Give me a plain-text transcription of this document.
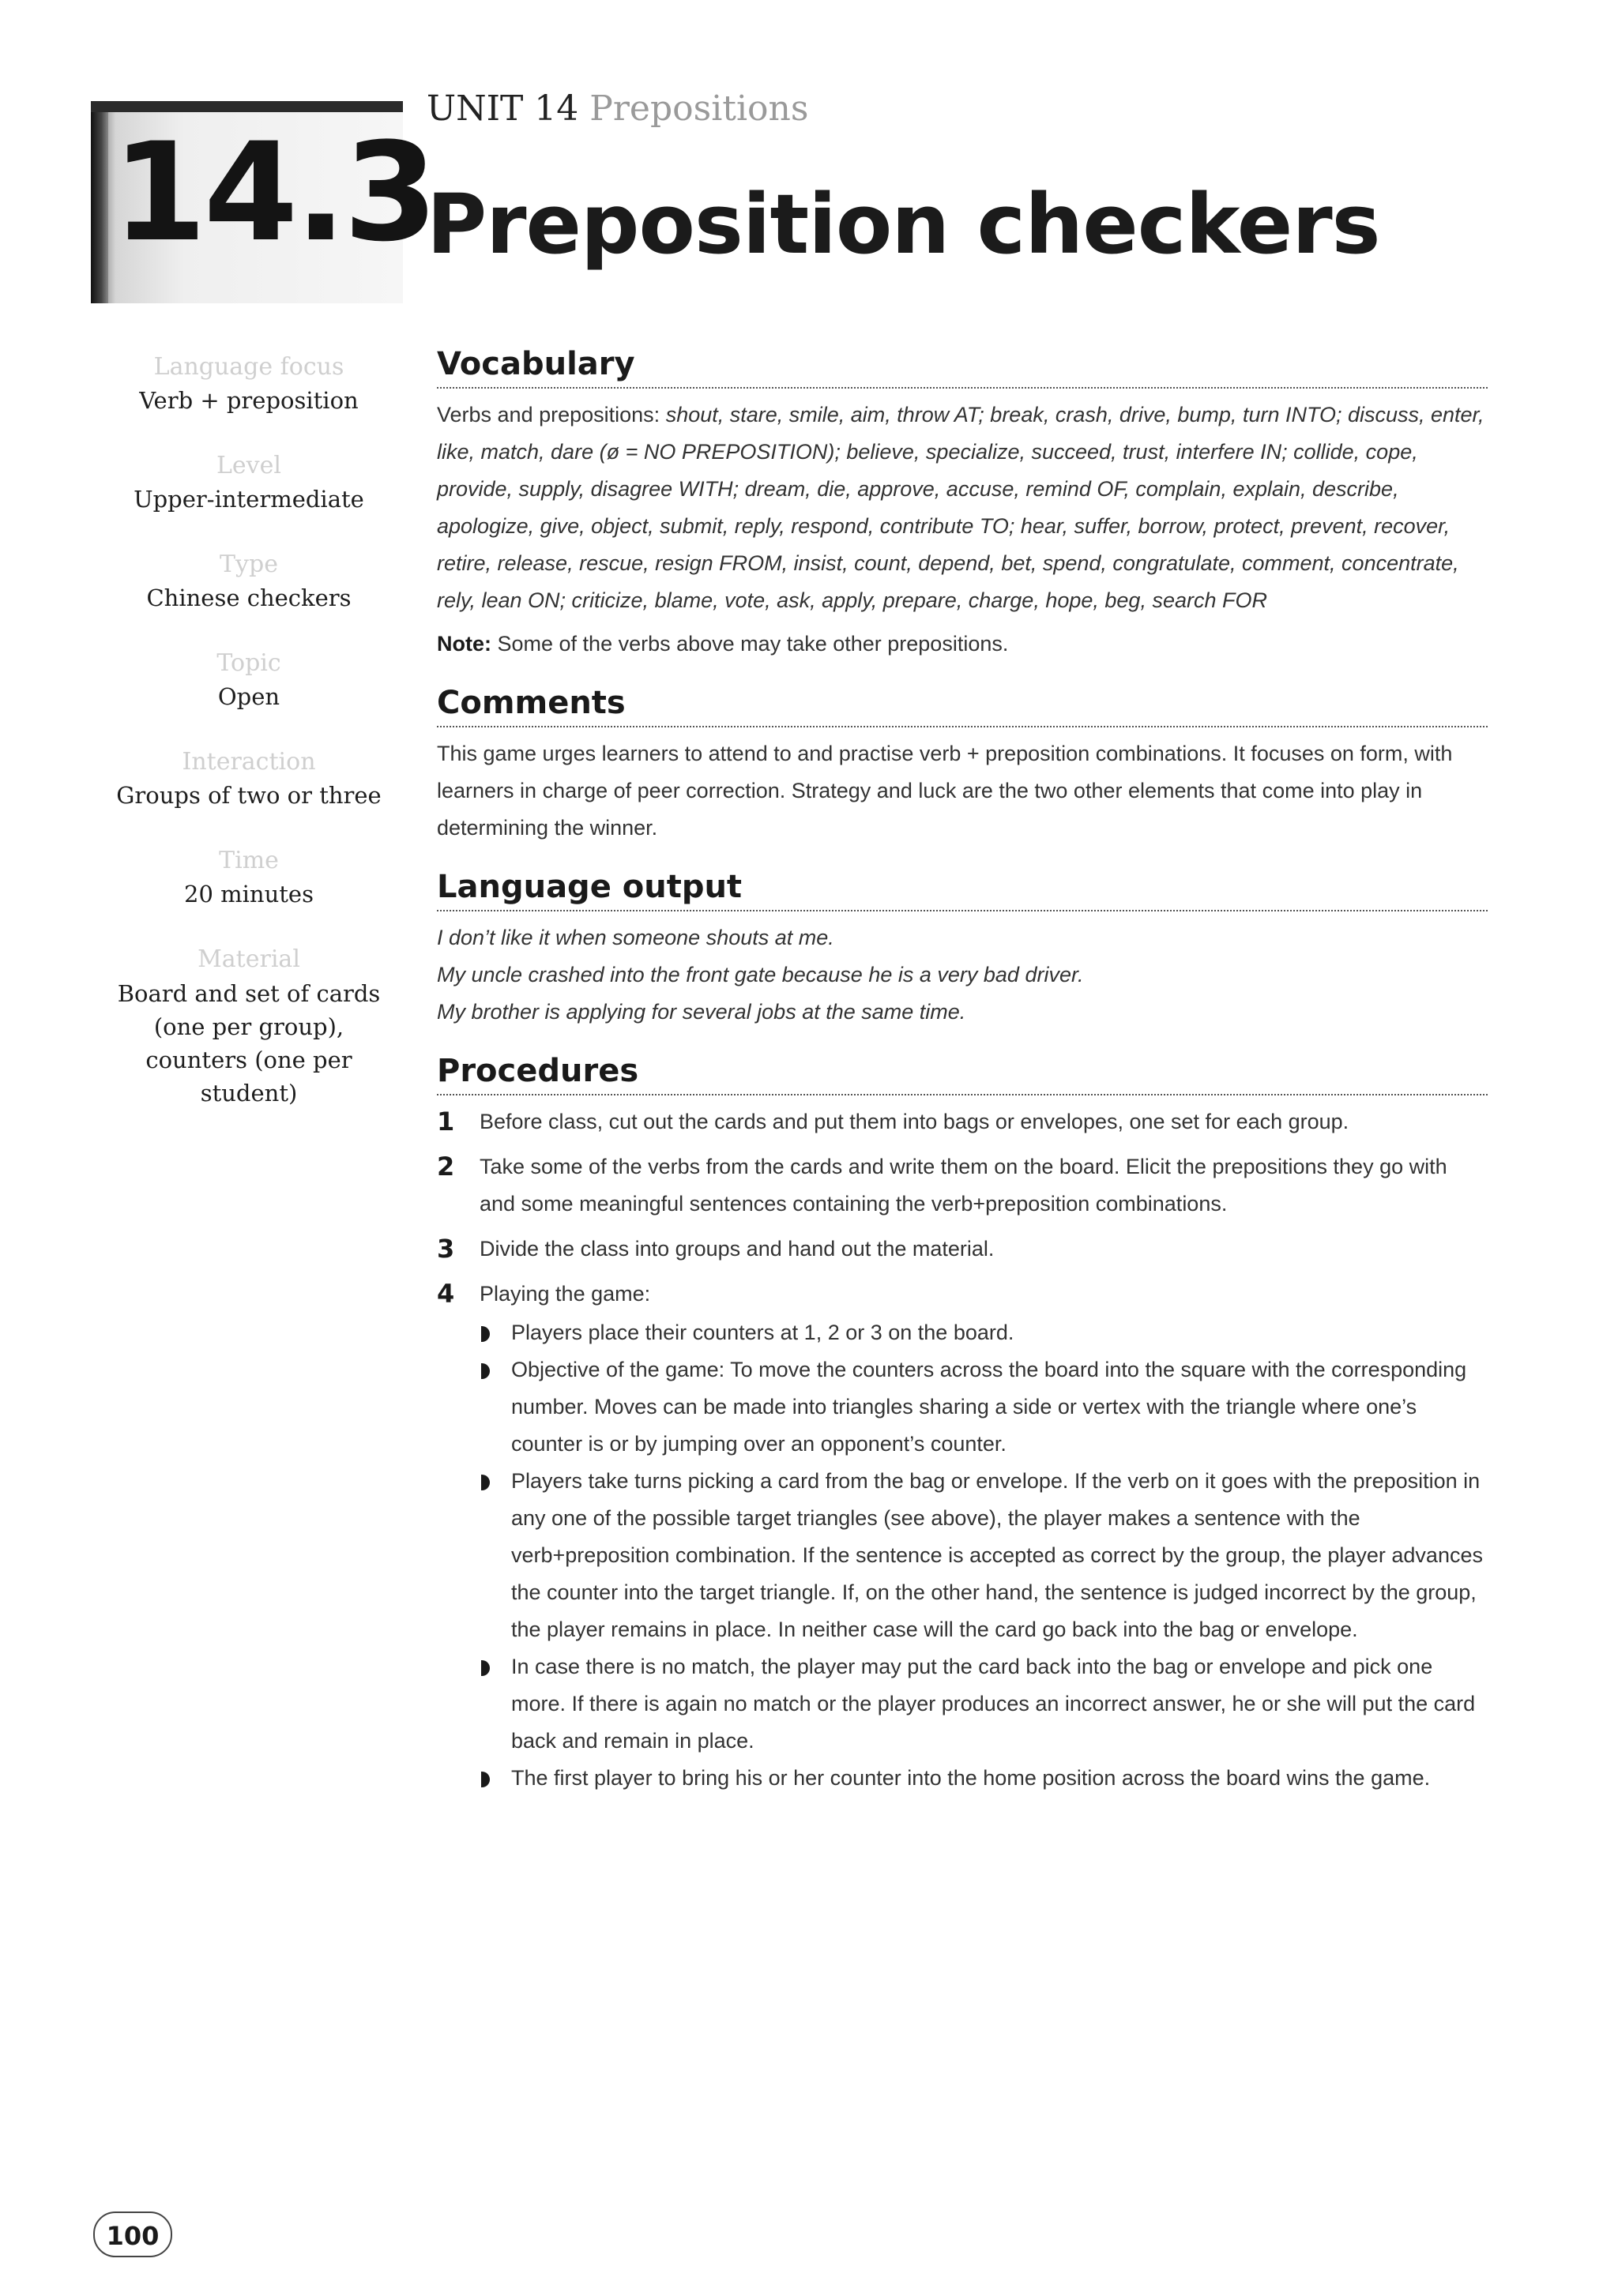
14.3
UNIT 14 Prepositions
Preposition checkers

Language focus

Verb + preposition

Level

Upper-intermediate

Type

Chinese checkers

Topic

Open

Interaction

Groups of two or three

Time

20 minutes

Material

Board and set of cards (one per group), counters (one per student)

Vocabulary

Verbs and prepositions: shout, stare, smile, aim, throw AT; break, crash, drive, bump, turn INTO; discuss, enter, like, match, dare (ø = NO PREPOSITION); believe, specialize, succeed, trust, interfere IN; collide, cope, provide, supply, disagree WITH; dream, die, approve, accuse, remind OF, complain, explain, describe, apologize, give, object, submit, reply, respond, contribute TO; hear, suffer, borrow, protect, prevent, recover, retire, release, rescue, resign FROM, insist, count, depend, bet, spend, congratulate, comment, concentrate, rely, lean ON; criticize, blame, vote, ask, apply, prepare, charge, hope, beg, search FOR

Note: Some of the verbs above may take other prepositions.

Comments

This game urges learners to attend to and practise verb + preposition combinations. It focuses on form, with learners in charge of peer correction. Strategy and luck are the two other elements that come into play in determining the winner.

Language output

I don’t like it when someone shouts at me.

My uncle crashed into the front gate because he is a very bad driver.

My brother is applying for several jobs at the same time.

Procedures
1 Before class, cut out the cards and put them into bags or envelopes, one set for each group.
2 Take some of the verbs from the cards and write them on the board. Elicit the prepositions they go with and some meaningful sentences containing the verb+preposition combinations.
3 Divide the class into groups and hand out the material.
4 Playing the game:
Players place their counters at 1, 2 or 3 on the board.
Objective of the game: To move the counters across the board into the square with the corresponding number. Moves can be made into triangles sharing a side or vertex with the triangle where one’s counter is or by jumping over an opponent’s counter.
Players take turns picking a card from the bag or envelope. If the verb on it goes with the preposition in any one of the possible target triangles (see above), the player makes a sentence with the verb+preposition combination. If the sentence is accepted as correct by the group, the player advances the counter into the target triangle. If, on the other hand, the sentence is judged incorrect by the group, the player remains in place. In neither case will the card go back into the bag or envelope.
In case there is no match, the player may put the card back into the bag or envelope and pick one more. If there is again no match or the player produces an incorrect answer, he or she will put the card back and remain in place.
The first player to bring his or her counter into the home position across the board wins the game.
100
